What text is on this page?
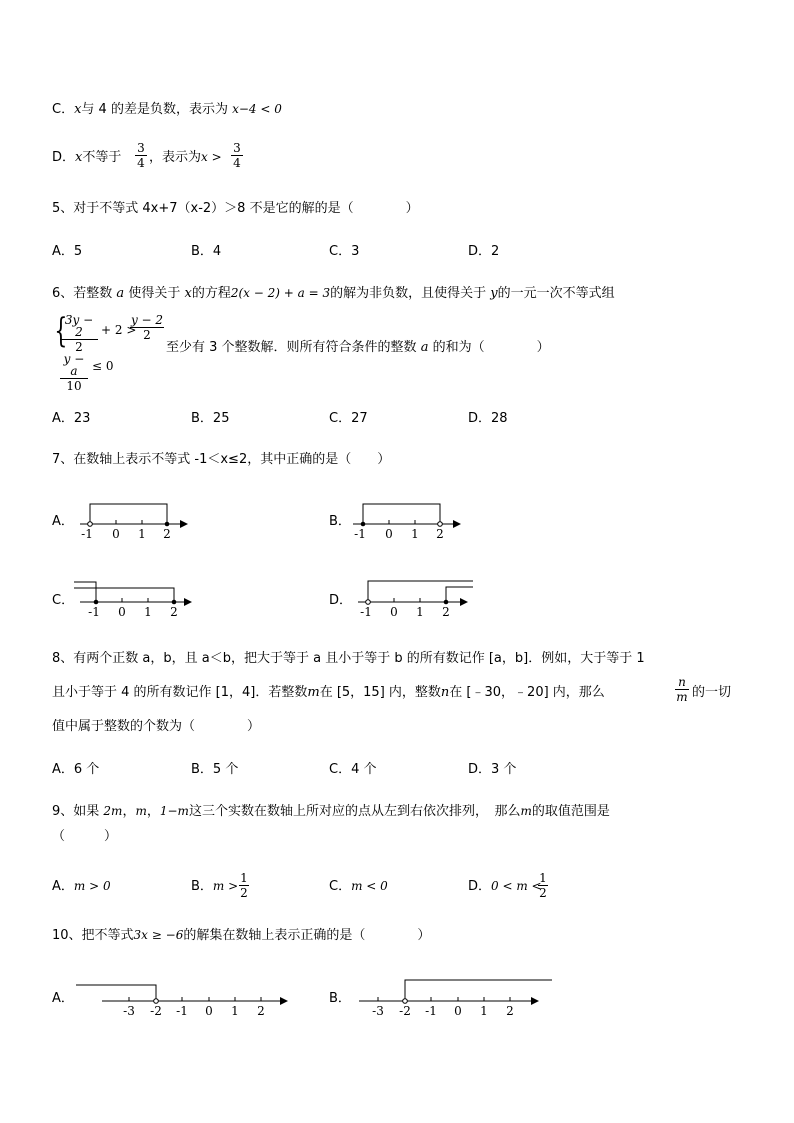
C．x与 4 的差是负数，表示为 x−4 < 0
D．x不等于
3
4 ，表示为x >
3
4
5、对于不等式 4x+7（x-2）＞8 不是它的解的是（　　　　）
A．5	B．4	C．3	D．2
6、若整数 a 使得关于 x的方程2(x − 2) + a = 3的解为非负数，且使得关于 y的一元一次不等式组
{
3y − 2
2
+ 2 >
y − 2
2
y − a
10
≤ 0
至少有 3 个整数解．则所有符合条件的整数 a 的和为（　　　　）
A．23	B．25	C．27	D．28
7、在数轴上表示不等式 -1＜x≤2，其中正确的是（　　）
A．
-1 0 1 2
B．
-1 0 1 2
C．
-1 0 1 2
D．
-1 0 1 2
8、有两个正数 a，b，且 a＜b，把大于等于 a 且小于等于 b 的所有数记作 [a，b]．例如，大于等于 1
且小于等于 4 的所有数记作 [1，4]．若整数m在 [5，15] 内，整数n在 [﹣30，﹣20] 内，那么
n
m 的一切
值中属于整数的个数为（　　　　）
A．6 个	B．5 个	C．4 个	D．3 个
9、如果 2m，m，1−m这三个实数在数轴上所对应的点从左到右依次排列，　那么m的取值范围是
（　　　）
A．m > 0	B．m >
1
2	C．m < 0	D．0 < m <
1
2
10、把不等式3x ≥ −6的解集在数轴上表示正确的是（　　　　）
A．
-3 -2 -1 0 1 2
B．
-3 -2 -1 0 1 2
